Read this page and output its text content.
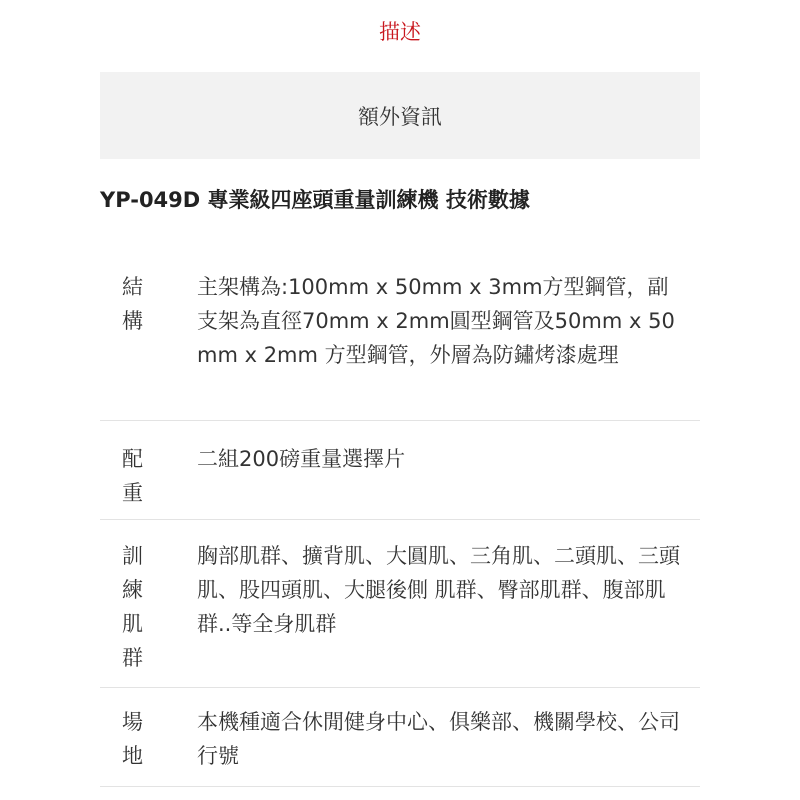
描述
額外資訊
YP-049D 專業級四座頭重量訓練機 技術數據
結構
主架構為:100mm x 50mm x 3mm方型鋼管，副支架為直徑70mm x 2mm圓型鋼管及50mm x 50mm x 2mm 方型鋼管，外層為防鏽烤漆處理
配重
二組200磅重量選擇片
訓練肌群
胸部肌群、擴背肌、大圓肌、三角肌、二頭肌、三頭肌、股四頭肌、大腿後側 肌群、臀部肌群、腹部肌群..等全身肌群
場地
本機種適合休閒健身中心、俱樂部、機關學校、公司行號
